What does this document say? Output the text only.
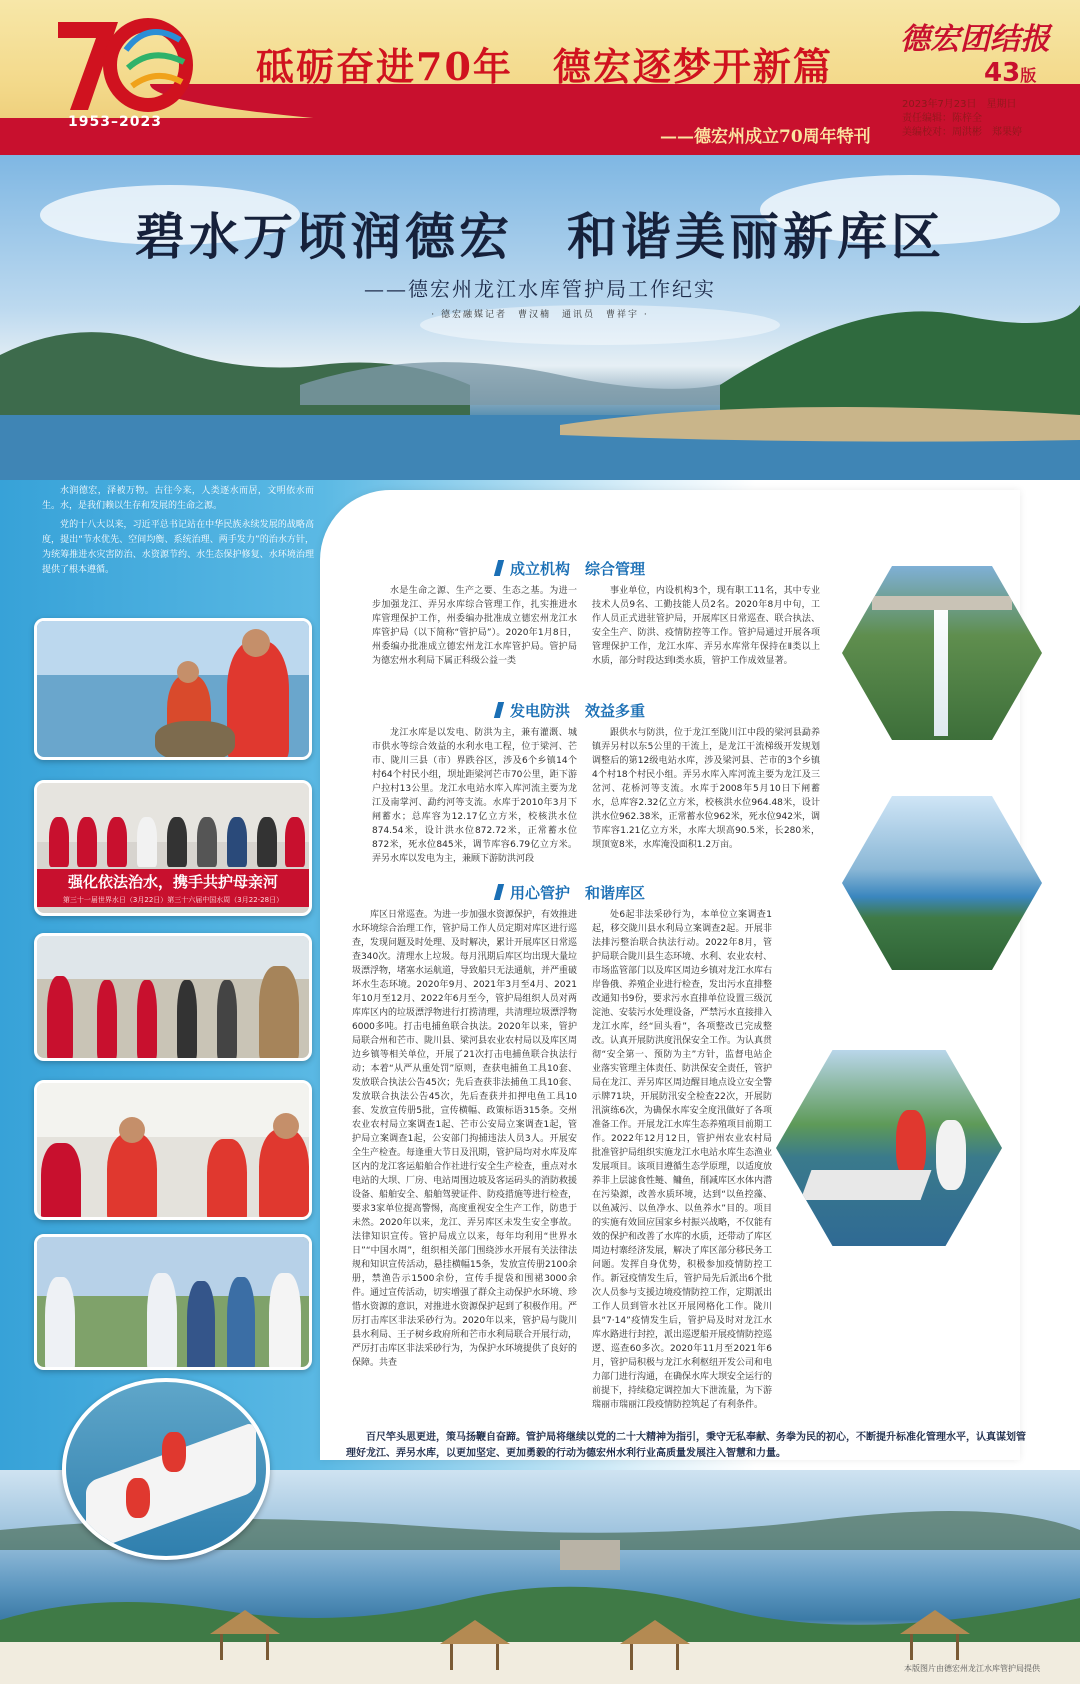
1953–2023
砥砺奋进70年　德宏逐梦开新篇
——德宏州成立70周年特刊
德宏团结报
43版
2023年7月23日　星期日
责任编辑：陈梓全
美编校对：周洪彬　郑果婷
碧水万顷润德宏　和谐美丽新库区
——德宏州龙江水库管护局工作纪实
· 德宏融媒记者　曹汉楠　通讯员　曹祥宇 ·

水润德宏，泽被万物。古往今来，人类逐水而居，文明依水而生。水，是我们赖以生存和发展的生命之源。

党的十八大以来，习近平总书记站在中华民族永续发展的战略高度，提出“节水优先、空间均衡、系统治理、两手发力”的治水方针，为统筹推进水灾害防治、水资源节约、水生态保护修复、水环境治理提供了根本遵循。

强化依法治水，携手共护母亲河
第三十一届世界水日（3月22日）第三十六届中国水周（3月22-28日）
成立机构　综合管理

水是生命之源、生产之要、生态之基。为进一步加强龙江、弄另水库综合管理工作，扎实推进水库管理保护工作，州委编办批准成立德宏州龙江水库管护局（以下简称“管护局”）。2020年1月8日，州委编办批准成立德宏州龙江水库管护局。管护局为德宏州水利局下属正科级公益一类

事业单位，内设机构3个，现有职工11名，其中专业技术人员9名、工勤技能人员2名。2020年8月中旬，工作人员正式进驻管护局，开展库区日常巡查、联合执法、安全生产、防洪、疫情防控等工作。管护局通过开展各项管理保护工作，龙江水库、弄另水库常年保持在Ⅱ类以上水质，部分时段达到Ⅰ类水质，管护工作成效显著。

发电防洪　效益多重

龙江水库是以发电、防洪为主，兼有灌溉、城市供水等综合效益的水利水电工程，位于梁河、芒市、陇川三县（市）界跌谷区，涉及6个乡镇14个村64个村民小组，坝址距梁河芒市70公里，距下游户拉村13公里。龙江水电站水库入库河流主要为龙江及南掌河、勐约河等支流。水库于2010年3月下闸蓄水；总库容为12.17亿立方米，校核洪水位874.54米，设计洪水位872.72米，正常蓄水位872米，死水位845米，调节库容6.79亿立方米。弄另水库以发电为主，兼顾下游防洪河段

跟供水与防洪，位于龙江至陇川江中段的梁河县勐养镇弄另村以东5公里的干流上，是龙江干流梯级开发规划调整后的第12级电站水库，涉及梁河县、芒市的3个乡镇4个村18个村民小组。弄另水库入库河流主要为龙江及三岔河、花桥河等支流。水库于2008年5月10日下闸蓄水，总库容2.32亿立方米，校核洪水位964.48米，设计洪水位962.38米，正常蓄水位962米，死水位942米，调节库容1.21亿立方米，水库大坝高90.5米，长280米，坝顶宽8米，水库淹没面积1.2万亩。

用心管护　和谐库区

库区日常巡查。为进一步加强水资源保护，有效推进水环境综合治理工作，管护局工作人员定期对库区进行巡查，发现问题及时处理、及时解决，累计开展库区日常巡查340次。清理水上垃圾。每月汛期后库区均出现大量垃圾漂浮物，堵塞水运航道，导致船只无法通航，并严重破坏水生态环境。2020年9月、2021年3月至4月、2021年10月至12月、2022年6月至今，管护局组织人员对两库库区内的垃圾漂浮物进行打捞清理，共清理垃圾漂浮物6000多吨。打击电捕鱼联合执法。2020年以来，管护局联合州和芒市、陇川县、梁河县农业农村局以及库区周边乡镇等相关单位，开展了21次打击电捕鱼联合执法行动；本着“从严从重处罚”原则，查获电捕鱼工具10套、发放联合执法公告45次；先后查获非法捕鱼工具10套、发放联合执法公告45次，先后查获并扣押电鱼工具10套、发放宣传册5批，宣传横幅、政策标语315条。交州农业农村局立案调查1起、芒市公安局立案调查1起，管护局立案调查1起，公安部门拘捕违法人员3人。开展安全生产检查。每逢重大节日及汛期，管护局均对水库及库区内的龙江客运船舶合作社进行安全生产检查，重点对水电站的大坝、厂房、电站周围边坡及客运码头的消防救援设备、船舶安全、船舶驾驶证件、防疫措施等进行检查，要求3家单位提高警惕，高度重视安全生产工作，防患于未然。2020年以来，龙江、弄另库区未发生安全事故。法律知识宣传。管护局成立以来，每年均利用“世界水日”“中国水周”，组织相关部门围绕涉水开展有关法律法规和知识宣传活动，悬挂横幅15条，发放宣传册2100余册，禁渔告示1500余份，宣传手提袋和围裙3000余件。通过宣传活动，切实增强了群众主动保护水环境、珍惜水资源的意识，对推进水资源保护起到了积极作用。严厉打击库区非法采砂行为。2020年以来，管护局与陇川县水利局、王子树乡政府所和芒市水利局联合开展行动，严厉打击库区非法采砂行为，为保护水环境提供了良好的保障。共查

处6起非法采砂行为，本单位立案调查1起，移交陇川县水利局立案调查2起。开展非法排污整治联合执法行动。2022年8月，管护局联合陇川县生态环境、水利、农业农村、市场监管部门以及库区周边乡镇对龙江水库右岸鲁俄、养殖企业进行检查，发出污水直排整改通知书9份，要求污水直排单位设置三级沉淀池、安装污水处理设备，严禁污水直接排入龙江水库，经“回头看”，各项整改已完成整改。认真开展防洪度汛保安全工作。为认真贯彻“安全第一、预防为主”方针，监督电站企业落实管理主体责任、防洪保安全责任，管护局在龙江、弄另库区周边醒目地点设立安全警示牌71块，开展防汛安全检查22次，开展防汛演练6次，为确保水库安全度汛做好了各项准备工作。开展龙江水库生态养殖项目前期工作。2022年12月12日，管护州农业农村局批准管护局组织实施龙江水电站水库生态渔业发展项目。该项目遵循生态学原理，以适度放养非上层滤食性鲢、鳙鱼，削减库区水体内潜在污染源，改善水质环境，达到“以鱼控藻、以鱼减污、以鱼净水、以鱼养水”目的。项目的实施有效回应国家乡村振兴战略，不仅能有效的保护和改善了水库的水质，还带动了库区周边村寨经济发展，解决了库区部分移民务工问题。发挥自身优势，积极参加疫情防控工作。新冠疫情发生后，管护局先后派出6个批次人员参与支援边境疫情防控工作，定期派出工作人员到管水社区开展网格化工作。陇川县“7·14”疫情发生后，管护局及时对龙江水库水路进行封控，派出巡逻船开展疫情防控巡逻、巡查60多次。2020年11月至2021年6月，管护局积极与龙江水利枢纽开发公司和电力部门进行沟通，在确保水库大坝安全运行的前提下，持续稳定调控加大下泄流量，为下游瑞丽市瑞丽江段疫情防控筑起了有利条件。

百尺竿头思更进，策马扬鞭自奋蹄。管护局将继续以党的二十大精神为指引，秉守无私奉献、务拳为民的初心，不断提升标准化管理水平，认真谋划管理好龙江、弄另水库，以更加坚定、更加勇毅的行动为德宏州水利行业高质量发展注入智慧和力量。
本版图片由德宏州龙江水库管护局提供
